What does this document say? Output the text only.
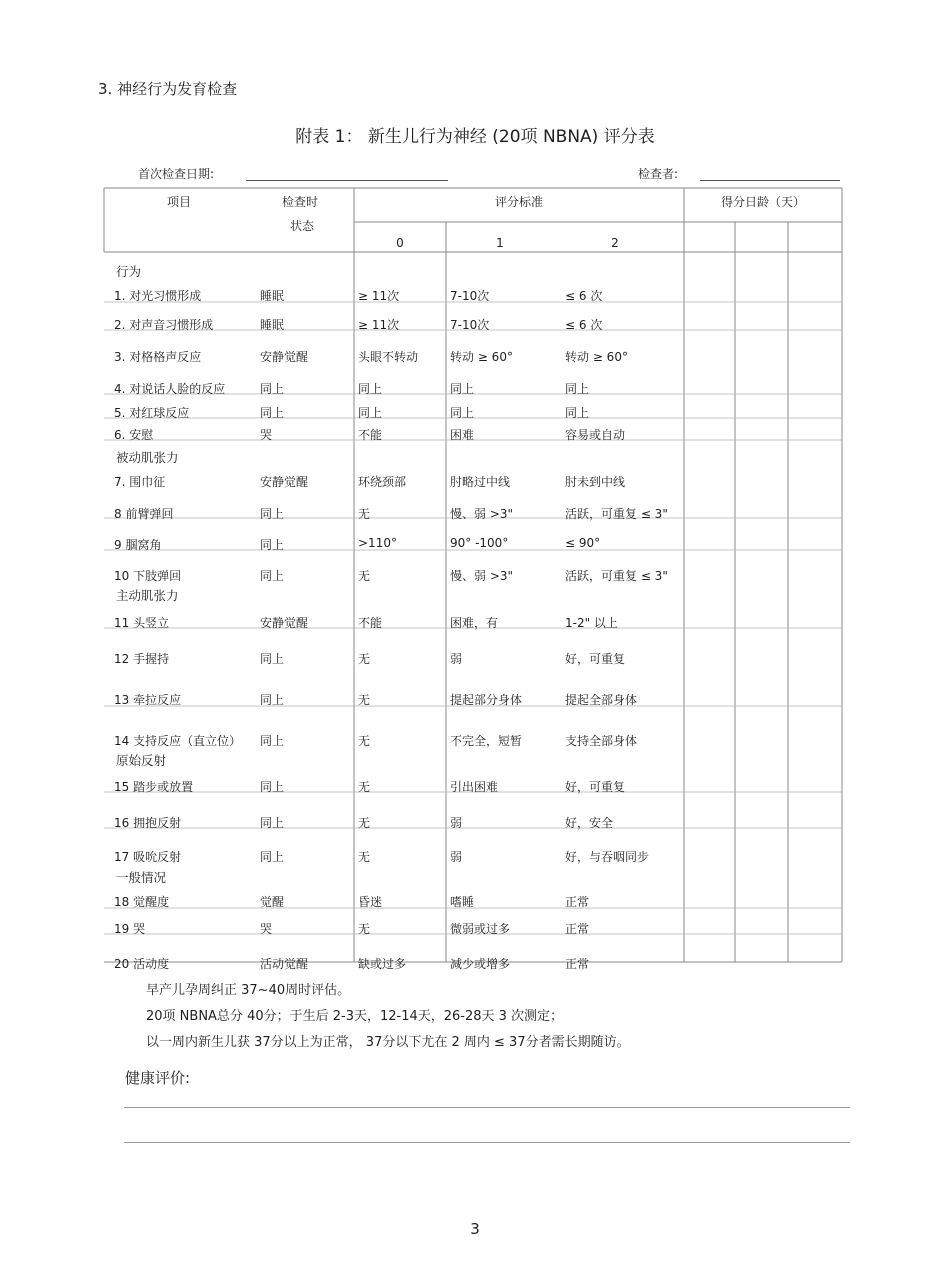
3. 神经行为发育检查
附表 1： 新生儿行为神经 (20项 NBNA) 评分表
首次检查日期:	检查者:
项目	检查时
状态
评分标准
0	1	2
得分日龄（天）
行为
被动肌张力
主动肌张力
原始反射
一般情况
1. 对光习惯形成	睡眠	≥ 11次	7-10次	≤ 6 次
2. 对声音习惯形成	睡眠	≥ 11次	7-10次	≤ 6 次
3. 对格格声反应	安静觉醒	头眼不转动	转动 ≥ 60°	转动 ≥ 60°
4. 对说话人脸的反应	同上	同上	同上	同上
5. 对红球反应	同上	同上	同上	同上
6. 安慰	哭	不能	困难	容易或自动
7. 围巾征	安静觉醒	环绕颈部	肘略过中线	肘未到中线
8 前臂弹回	同上	无	慢、弱 >3"	活跃，可重复 ≤ 3"
9 腘窝角	同上	>110°	90° -100°	≤ 90°
10 下肢弹回	同上	无	慢、弱 >3"	活跃，可重复 ≤ 3"
11 头竖立	安静觉醒	不能	困难，有	1-2" 以上
12 手握持	同上	无	弱	好，可重复
13 牵拉反应	同上	无	提起部分身体	提起全部身体
14 支持反应（直立位） 同上	无	不完全，短暂	支持全部身体
15 踏步或放置	同上	无	引出困难	好，可重复
16 拥抱反射	同上	无	弱	好，安全
17 吸吮反射	同上	无	弱	好，与吞咽同步
18 觉醒度	觉醒	昏迷	嗜睡	正常
19 哭	哭	无	微弱或过多	正常
20 活动度	活动觉醒	缺或过多	减少或增多	正常
早产儿孕周纠正 37~40周时评估。
20项 NBNA总分 40分；于生后 2-3天，12-14天，26-28天 3 次测定；
以一周内新生儿获 37分以上为正常， 37分以下尤在 2 周内 ≤ 37分者需长期随访。
健康评价:
3
